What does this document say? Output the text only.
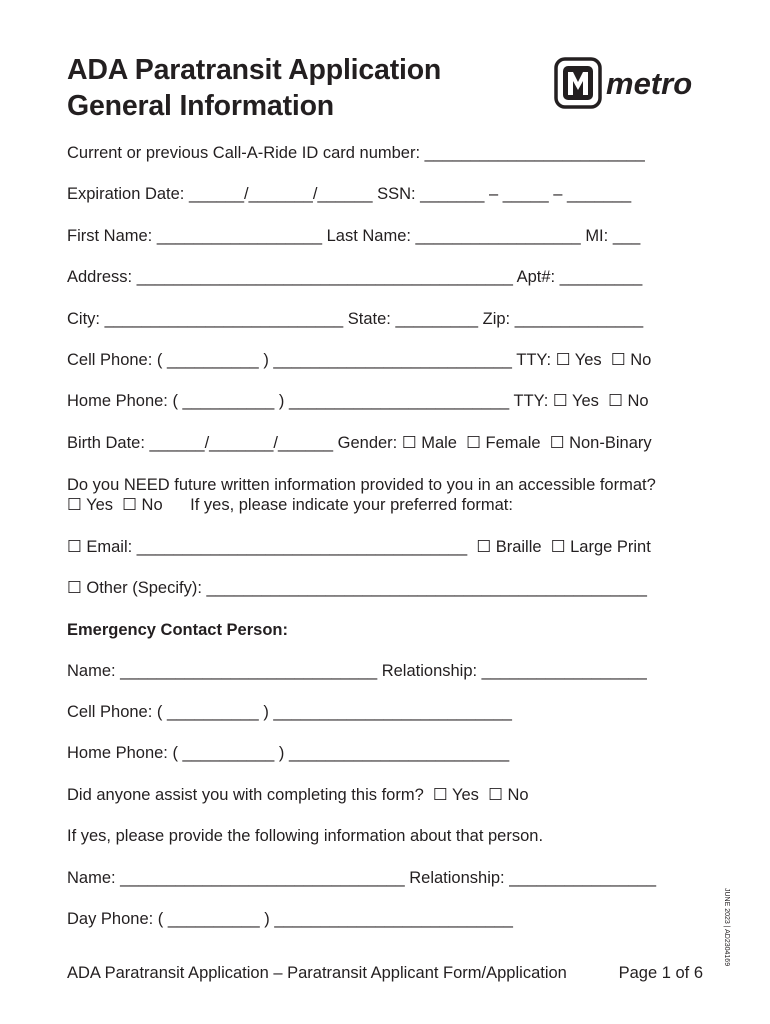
ADA Paratransit Application
General Information
metro
Current or previous Call-A-Ride ID card number: ________________________
Expiration Date: ______/_______/______ SSN: _______ – _____ – _______
First Name: __________________ Last Name: __________________ MI: ___
Address: _________________________________________ Apt#: _________
City: __________________________ State: _________ Zip: ______________
Cell Phone: ( __________ ) __________________________ TTY: ☐ Yes  ☐ No
Home Phone: ( __________ ) ________________________ TTY: ☐ Yes  ☐ No
Birth Date: ______/_______/______ Gender: ☐ Male  ☐ Female  ☐ Non-Binary
Do you NEED future written information provided to you in an accessible format?
☐ Yes  ☐ No      If yes, please indicate your preferred format:
☐ Email: ____________________________________  ☐ Braille  ☐ Large Print
☐ Other (Specify): ________________________________________________
Emergency Contact Person:
Name: ____________________________ Relationship: __________________
Cell Phone: ( __________ ) __________________________
Home Phone: ( __________ ) ________________________
Did anyone assist you with completing this form?  ☐ Yes  ☐ No
If yes, please provide the following information about that person.
Name: _______________________________ Relationship: ________________
Day Phone: ( __________ ) __________________________	JUNE 2023 | AD2304169
ADA Paratransit Application – Paratransit Applicant Form/Application	Page 1 of 6
